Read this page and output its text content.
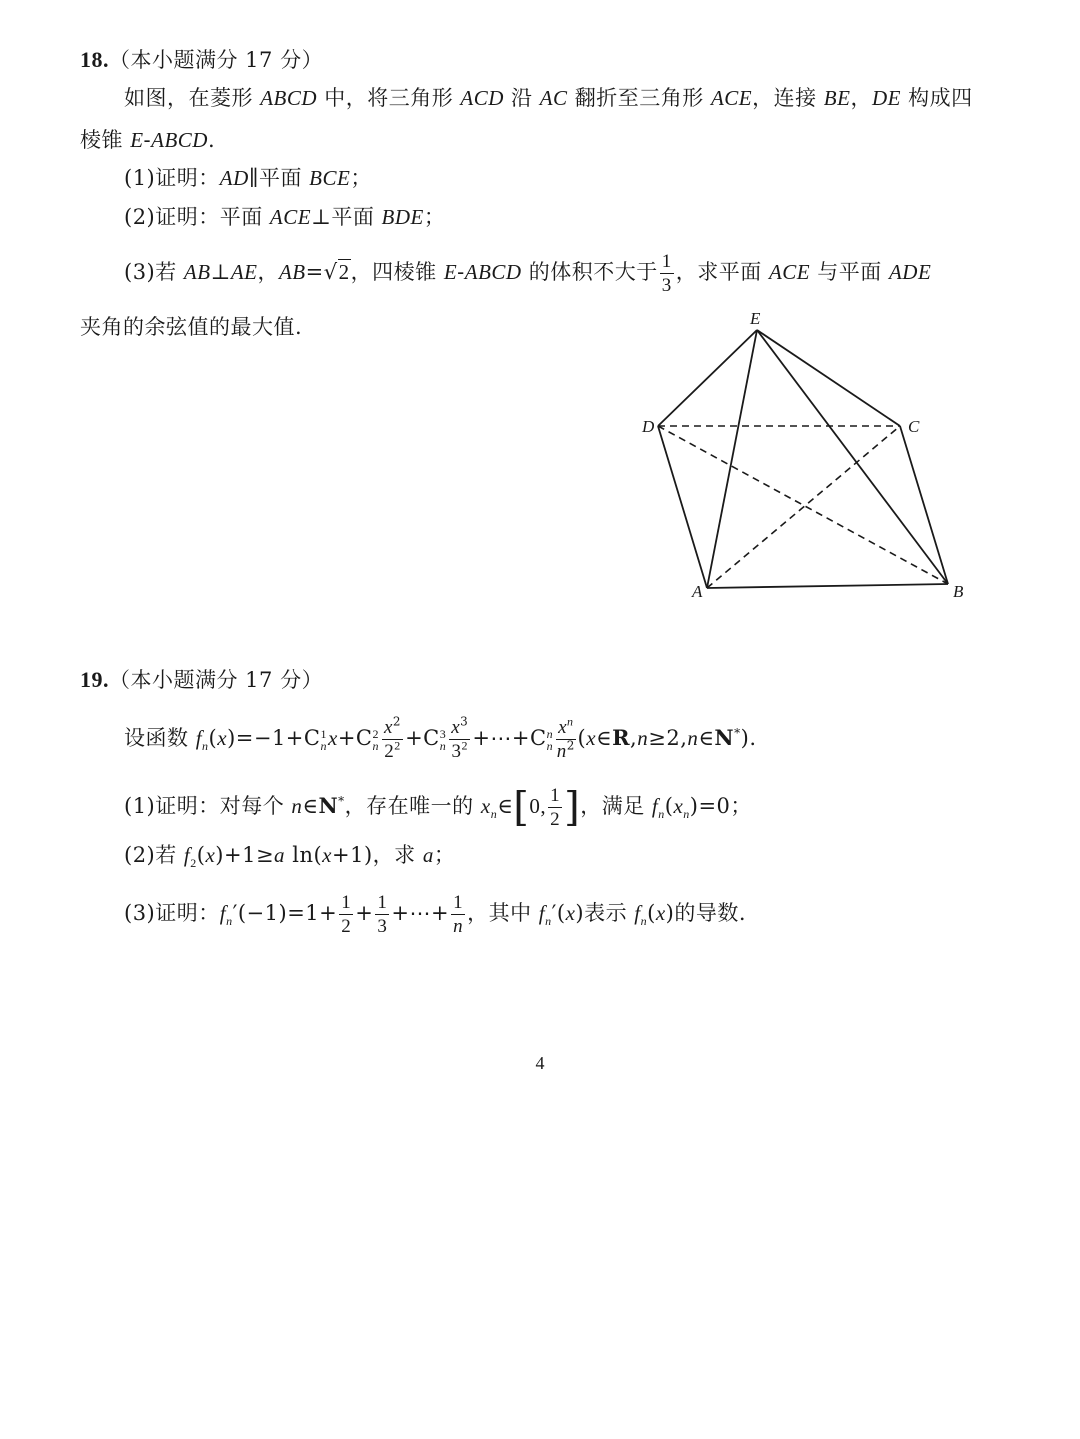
18.（本小题满分 17 分）
如图，在菱形 ABCD 中，将三角形 ACD 沿 AC 翻折至三角形 ACE，连接 BE，DE 构成四
棱锥 E-ABCD.
(1)证明：AD∥平面 BCE；
(2)证明：平面 ACE⊥平面 BDE；
(3)若 AB⊥AE，AB=√2，四棱锥 E-ABCD 的体积不大于 $\frac{1}{3}$ ，求平面 ACE 与平面 ADE
夹角的余弦值的最大值.	E
D	C
A	B
19.（本小题满分 17 分）
设函数 $f_n(x)=-1+C$ 1
n x+C 2
n $\frac{x^2}{2^2} +C$ 3
n $\frac{x^3}{3^2}$ +⋯+C n
n $\frac{x^n}{n^2}$ (x∈R,n≥2,n∈N*).
(1)证明：对每个 n∈N*，存在唯一的 $x_n\in[0$, $\frac{1}{2}$ ]，满足 $f_n(x_n)=0$；
(2)若 $f_2(x)+1\ge a$ ln(x+1)，求 a；
(3)证明：$f_n'(-1)=1+ \frac{1}{2} + \frac{1}{3}$ +⋯+ $\frac{1}{n}$ ，其中 $f_n'(x)$表示 $f_n(x)$的导数.
4
